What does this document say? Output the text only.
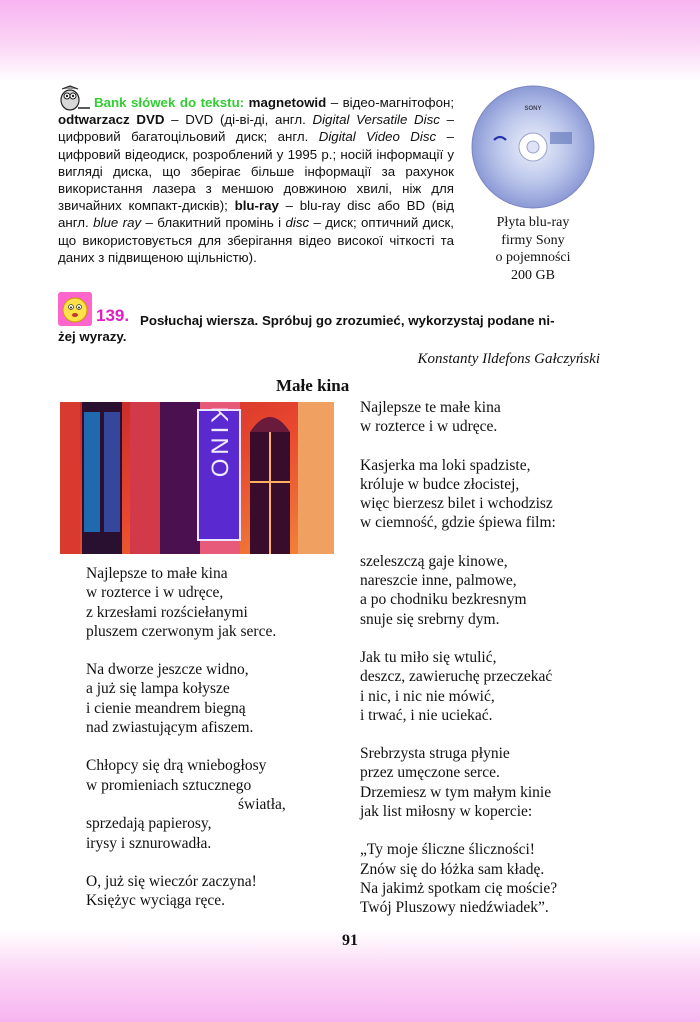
Bank słówek do tekstu: magnetowid – відео-магнітофон; odtwarzacz DVD – DVD (ді-ві-ді, англ. Digital Versatile Disc – цифровий багатоцільовий диск; англ. Digital Video Disc – цифровий відеодиск, розроблений у 1995 р.; носій інформації у вигляді диска, що зберігає більше інформації за рахунок використання лазера з меншою довжиною хвилі, ніж для звичайних компакт-дисків); blu-ray – blu-ray disc або BD (від англ. blue ray – блакитний промінь і disc – диск; оптичний диск, що використовується для зберігання відео високої чіткості та даних з підвищеною щільністю).
SONY
Płyta blu-ray
firmy Sony
o pojemności
200 GB
139. Posłuchaj wiersza. Spróbuj go zrozumieć, wykorzystaj podane ni-
żej wyrazy.
Konstanty Ildefons Gałczyński
Małe kina
KINO

Najlepsze to małe kina
w rozterce i w udręce,
z krzesłami rozściełanymi
pluszem czerwonym jak serce.

Na dworze jeszcze widno,
a już się lampa kołysze
i cienie meandrem biegną
nad zwiastującym afiszem.

Chłopcy się drą wniebogłosy
w promieniach sztucznego
światła,
sprzedają papierosy,
irysy i sznurowadła.

O, już się wieczór zaczyna!
Księżyc wyciąga ręce.

Najlepsze te małe kina
w rozterce i w udręce.

Kasjerka ma loki spadziste,
króluje w budce złocistej,
więc bierzesz bilet i wchodzisz
w ciemność, gdzie śpiewa film:

szeleszczą gaje kinowe,
nareszcie inne, palmowe,
a po chodniku bezkresnym
snuje się srebrny dym.

Jak tu miło się wtulić,
deszcz, zawieruchę przeczekać
i nic, i nic nie mówić,
i trwać, i nie uciekać.

Srebrzysta struga płynie
przez umęczone serce.
Drzemiesz w tym małym kinie
jak list miłosny w kopercie:

„Ty moje śliczne śliczności!
Znów się do łóżka sam kładę.
Na jakimż spotkam cię moście?
Twój Pluszowy niedźwiadek”.

91
